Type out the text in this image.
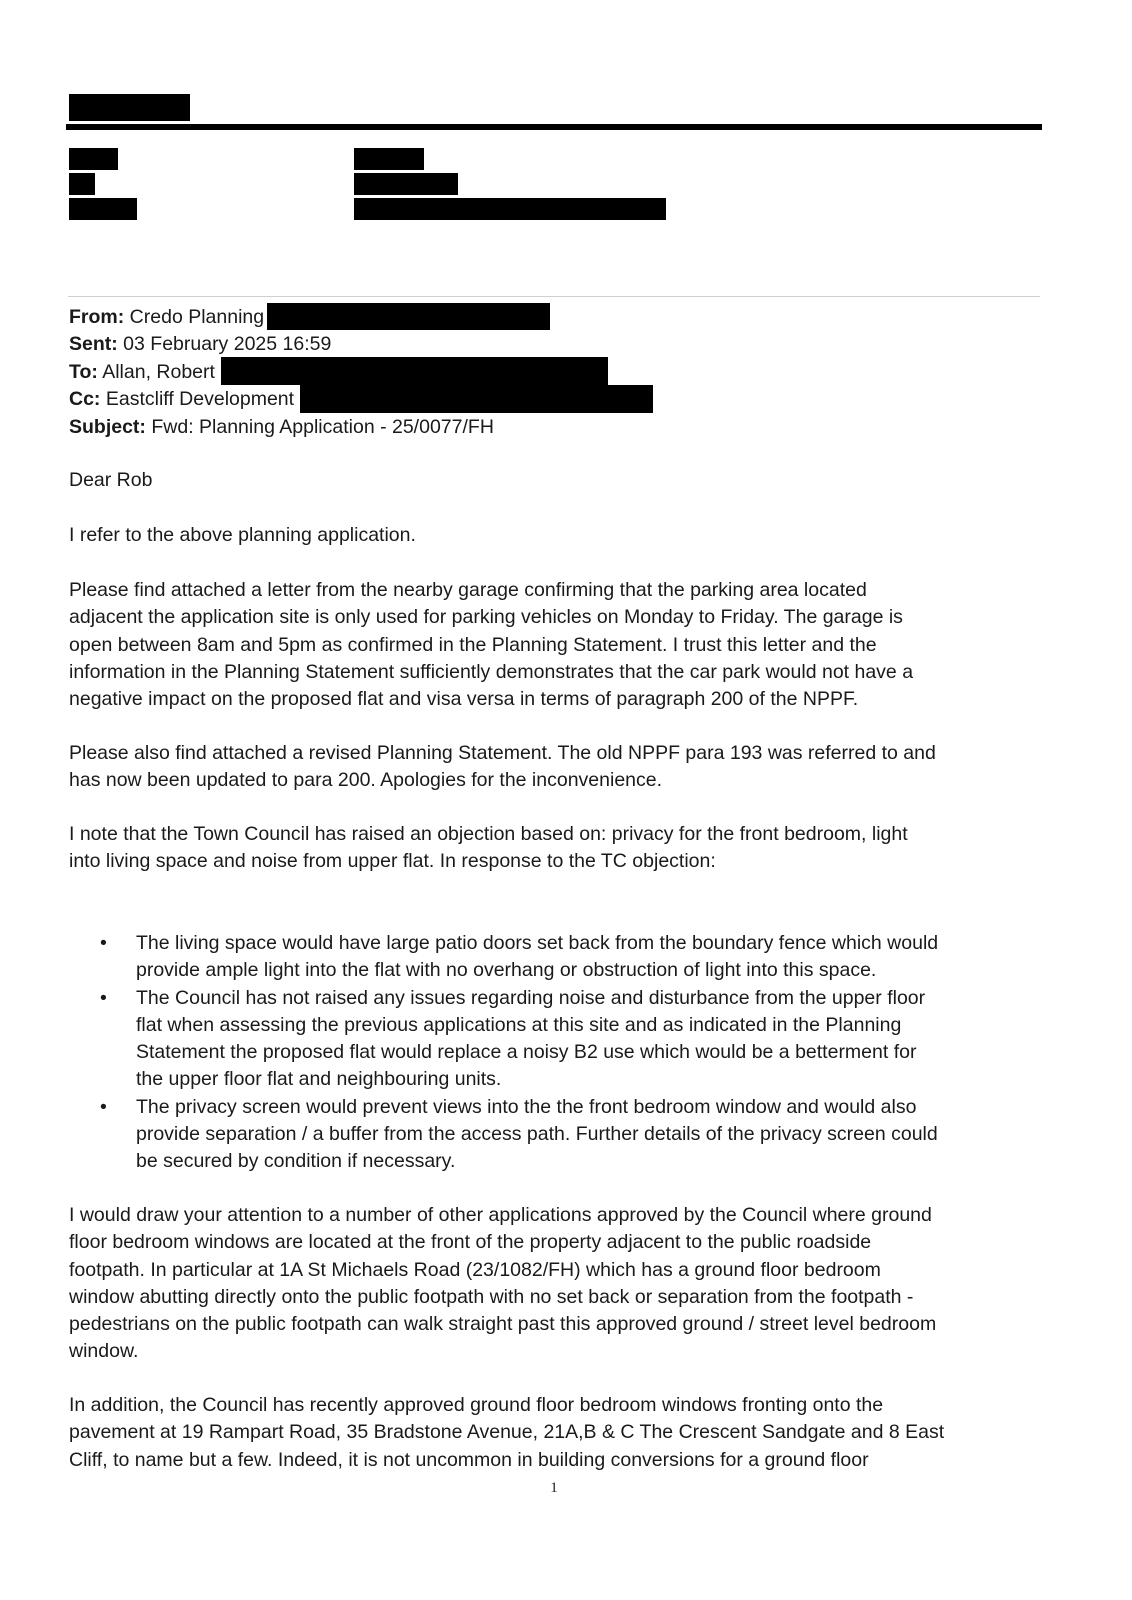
From: Credo Planning
Sent: 03 February 2025 16:59
To: Allan, Robert
Cc: Eastcliff Development
Subject: Fwd: Planning Application - 25/0077/FH

Dear Rob

I refer to the above planning application.

Please find attached a letter from the nearby garage confirming that the parking area located
adjacent the application site is only used for parking vehicles on Monday to Friday. The garage is
open between 8am and 5pm as confirmed in the Planning Statement. I trust this letter and the
information in the Planning Statement sufficiently demonstrates that the car park would not have a
negative impact on the proposed flat and visa versa in terms of paragraph 200 of the NPPF.

Please also find attached a revised Planning Statement. The old NPPF para 193 was referred to and
has now been updated to para 200. Apologies for the inconvenience.

I note that the Town Council has raised an objection based on: privacy for the front bedroom, light
into living space and noise from upper flat. In response to the TC objection:

• The living space would have large patio doors set back from the boundary fence which would
provide ample light into the flat with no overhang or obstruction of light into this space.
• The Council has not raised any issues regarding noise and disturbance from the upper floor
flat when assessing the previous applications at this site and as indicated in the Planning
Statement the proposed flat would replace a noisy B2 use which would be a betterment for
the upper floor flat and neighbouring units.
• The privacy screen would prevent views into the the front bedroom window and would also
provide separation / a buffer from the access path. Further details of the privacy screen could
be secured by condition if necessary.

I would draw your attention to a number of other applications approved by the Council where ground
floor bedroom windows are located at the front of the property adjacent to the public roadside
footpath. In particular at 1A St Michaels Road (23/1082/FH) which has a ground floor bedroom
window abutting directly onto the public footpath with no set back or separation from the footpath -
pedestrians on the public footpath can walk straight past this approved ground / street level bedroom
window.

In addition, the Council has recently approved ground floor bedroom windows fronting onto the
pavement at 19 Rampart Road, 35 Bradstone Avenue, 21A,B & C The Crescent Sandgate and 8 East
Cliff, to name but a few. Indeed, it is not uncommon in building conversions for a ground floor

1
